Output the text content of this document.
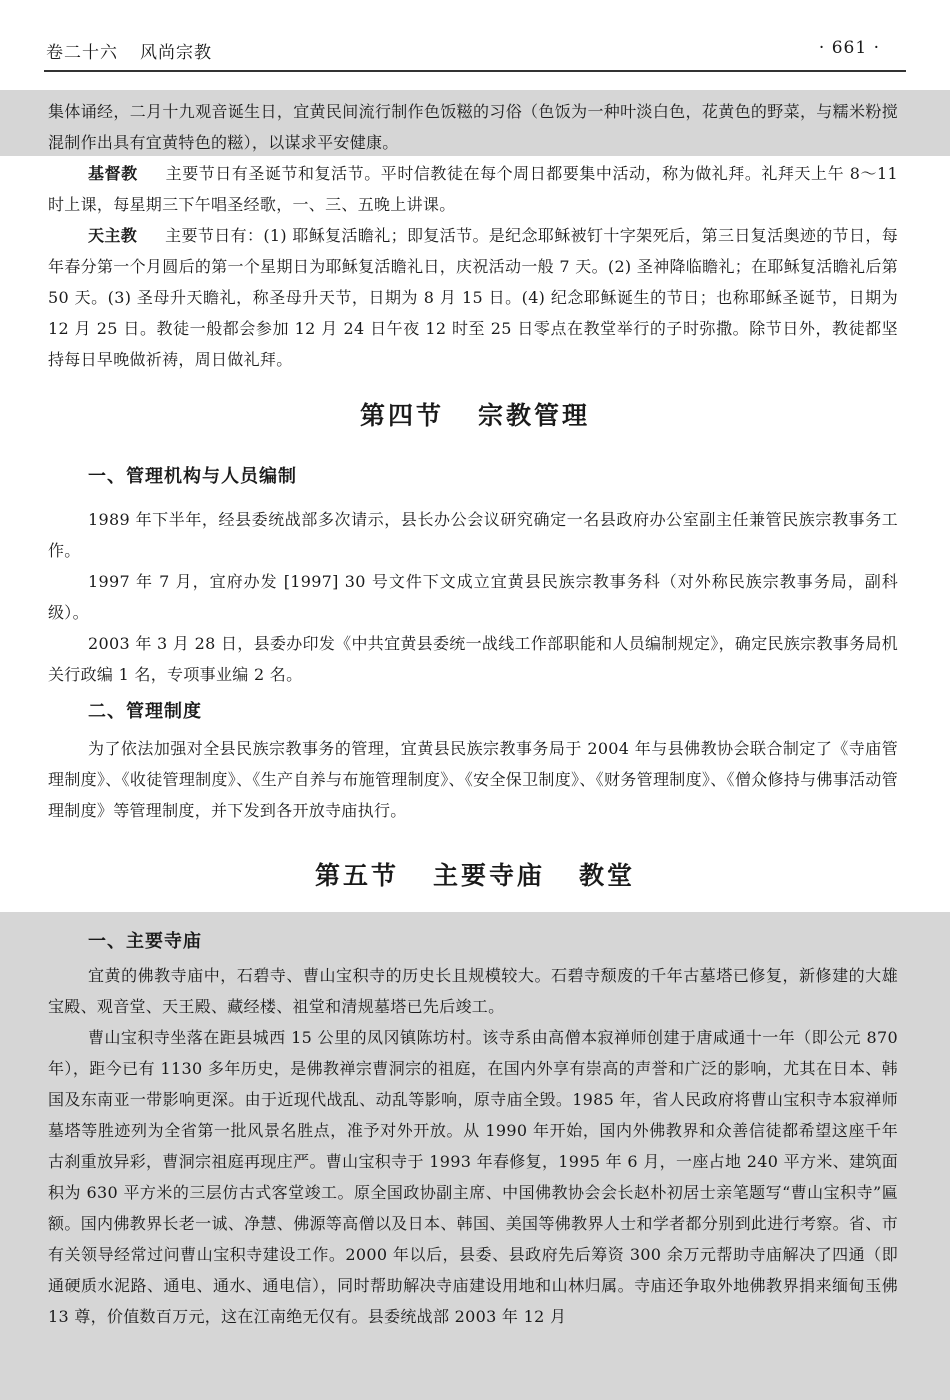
卷二十六 风尚宗教	· 661 ·

集体诵经，二月十九观音诞生日，宜黄民间流行制作色饭糍的习俗（色饭为一种叶淡白色，花黄色的野菜，与糯米粉搅混制作出具有宜黄特色的糍），以谋求平安健康。

基督教 主要节日有圣诞节和复活节。平时信教徒在每个周日都要集中活动，称为做礼拜。礼拜天上午 8～11 时上课，每星期三下午唱圣经歌，一、三、五晚上讲课。

天主教 主要节日有：(1) 耶稣复活瞻礼；即复活节。是纪念耶稣被钉十字架死后，第三日复活奥迹的节日，每年春分第一个月圆后的第一个星期日为耶稣复活瞻礼日，庆祝活动一般 7 天。(2) 圣神降临瞻礼；在耶稣复活瞻礼后第 50 天。(3) 圣母升天瞻礼，称圣母升天节，日期为 8 月 15 日。(4) 纪念耶稣诞生的节日；也称耶稣圣诞节，日期为 12 月 25 日。教徒一般都会参加 12 月 24 日午夜 12 时至 25 日零点在教堂举行的子时弥撒。除节日外，教徒都坚持每日早晚做祈祷，周日做礼拜。

第四节 宗教管理
一、管理机构与人员编制

1989 年下半年，经县委统战部多次请示，县长办公会议研究确定一名县政府办公室副主任兼管民族宗教事务工作。

1997 年 7 月，宜府办发 [1997] 30 号文件下文成立宜黄县民族宗教事务科（对外称民族宗教事务局，副科级）。

2003 年 3 月 28 日，县委办印发《中共宜黄县委统一战线工作部职能和人员编制规定》，确定民族宗教事务局机关行政编 1 名，专项事业编 2 名。

二、管理制度

为了依法加强对全县民族宗教事务的管理，宜黄县民族宗教事务局于 2004 年与县佛教协会联合制定了《寺庙管理制度》、《收徒管理制度》、《生产自养与布施管理制度》、《安全保卫制度》、《财务管理制度》、《僧众修持与佛事活动管理制度》等管理制度，并下发到各开放寺庙执行。

第五节 主要寺庙 教堂
一、主要寺庙

宜黄的佛教寺庙中，石碧寺、曹山宝积寺的历史长且规模较大。石碧寺颓废的千年古墓塔已修复，新修建的大雄宝殿、观音堂、天王殿、藏经楼、祖堂和清规墓塔已先后竣工。

曹山宝积寺坐落在距县城西 15 公里的凤冈镇陈坊村。该寺系由高僧本寂禅师创建于唐咸通十一年（即公元 870 年），距今已有 1130 多年历史，是佛教禅宗曹洞宗的祖庭，在国内外享有崇高的声誉和广泛的影响，尤其在日本、韩国及东南亚一带影响更深。由于近现代战乱、动乱等影响，原寺庙全毁。1985 年，省人民政府将曹山宝积寺本寂禅师墓塔等胜迹列为全省第一批风景名胜点，准予对外开放。从 1990 年开始，国内外佛教界和众善信徒都希望这座千年古刹重放异彩，曹洞宗祖庭再现庄严。曹山宝积寺于 1993 年春修复，1995 年 6 月，一座占地 240 平方米、建筑面积为 630 平方米的三层仿古式客堂竣工。原全国政协副主席、中国佛教协会会长赵朴初居士亲笔题写“曹山宝积寺”匾额。国内佛教界长老一诚、净慧、佛源等高僧以及日本、韩国、美国等佛教界人士和学者都分别到此进行考察。省、市有关领导经常过问曹山宝积寺建设工作。2000 年以后，县委、县政府先后筹资 300 余万元帮助寺庙解决了四通（即通硬质水泥路、通电、通水、通电信），同时帮助解决寺庙建设用地和山林归属。寺庙还争取外地佛教界捐来缅甸玉佛 13 尊，价值数百万元，这在江南绝无仅有。县委统战部 2003 年 12 月
